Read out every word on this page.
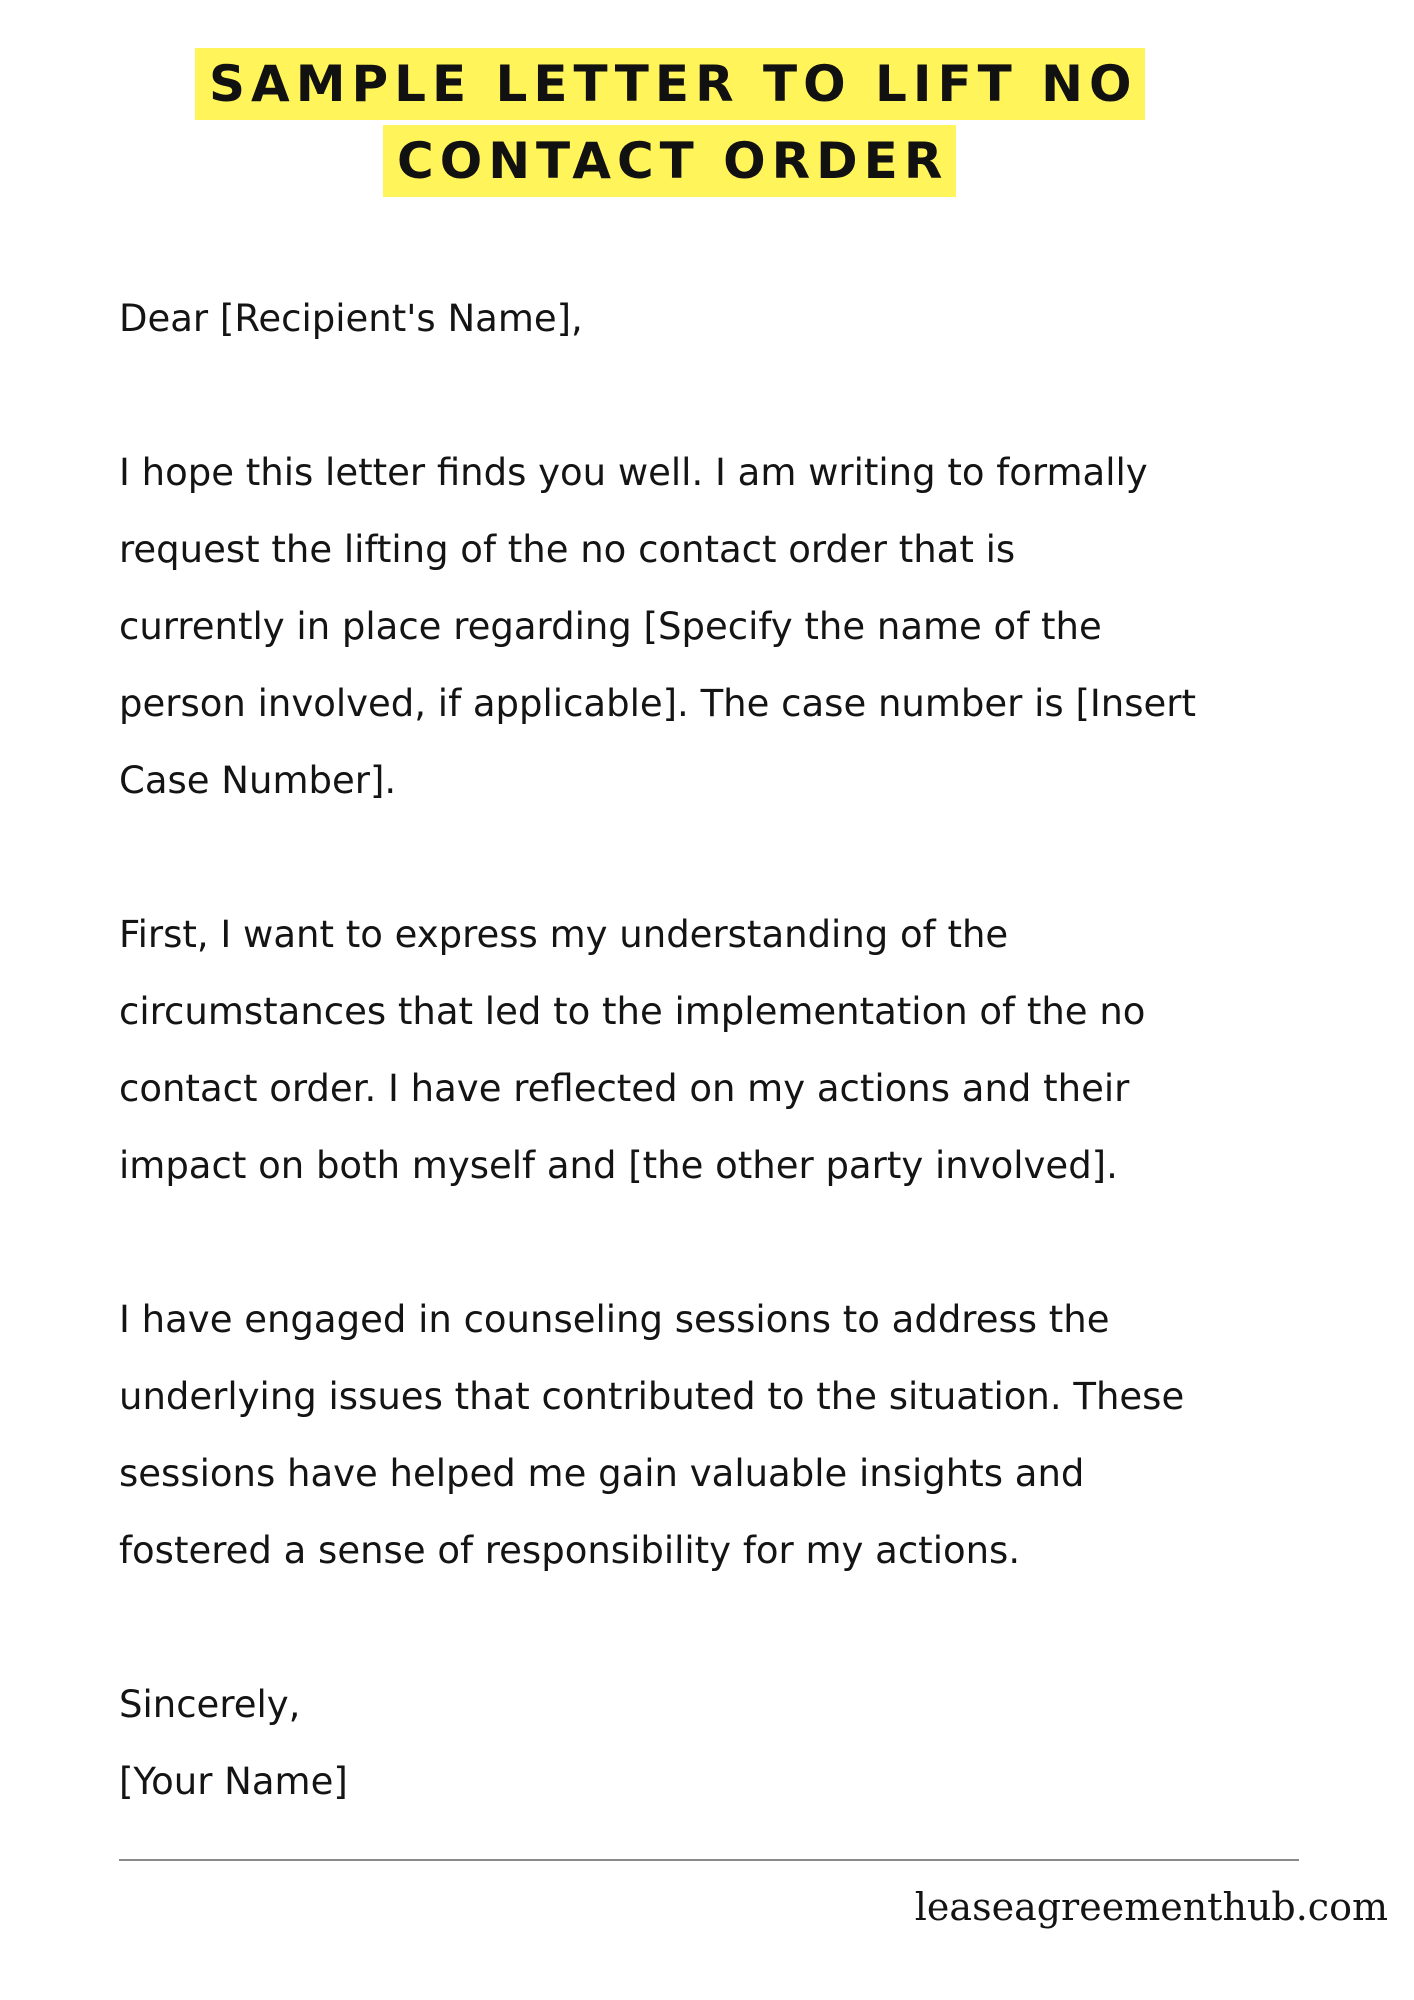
SAMPLE LETTER TO LIFT NO
CONTACT ORDER

Dear [Recipient's Name],

I hope this letter finds you well. I am writing to formally
request the lifting of the no contact order that is
currently in place regarding [Specify the name of the
person involved, if applicable]. The case number is [Insert
Case Number].

First, I want to express my understanding of the
circumstances that led to the implementation of the no
contact order. I have reflected on my actions and their
impact on both myself and [the other party involved].

I have engaged in counseling sessions to address the
underlying issues that contributed to the situation. These
sessions have helped me gain valuable insights and
fostered a sense of responsibility for my actions.

Sincerely,
[Your Name]

leaseagreementhub.com
